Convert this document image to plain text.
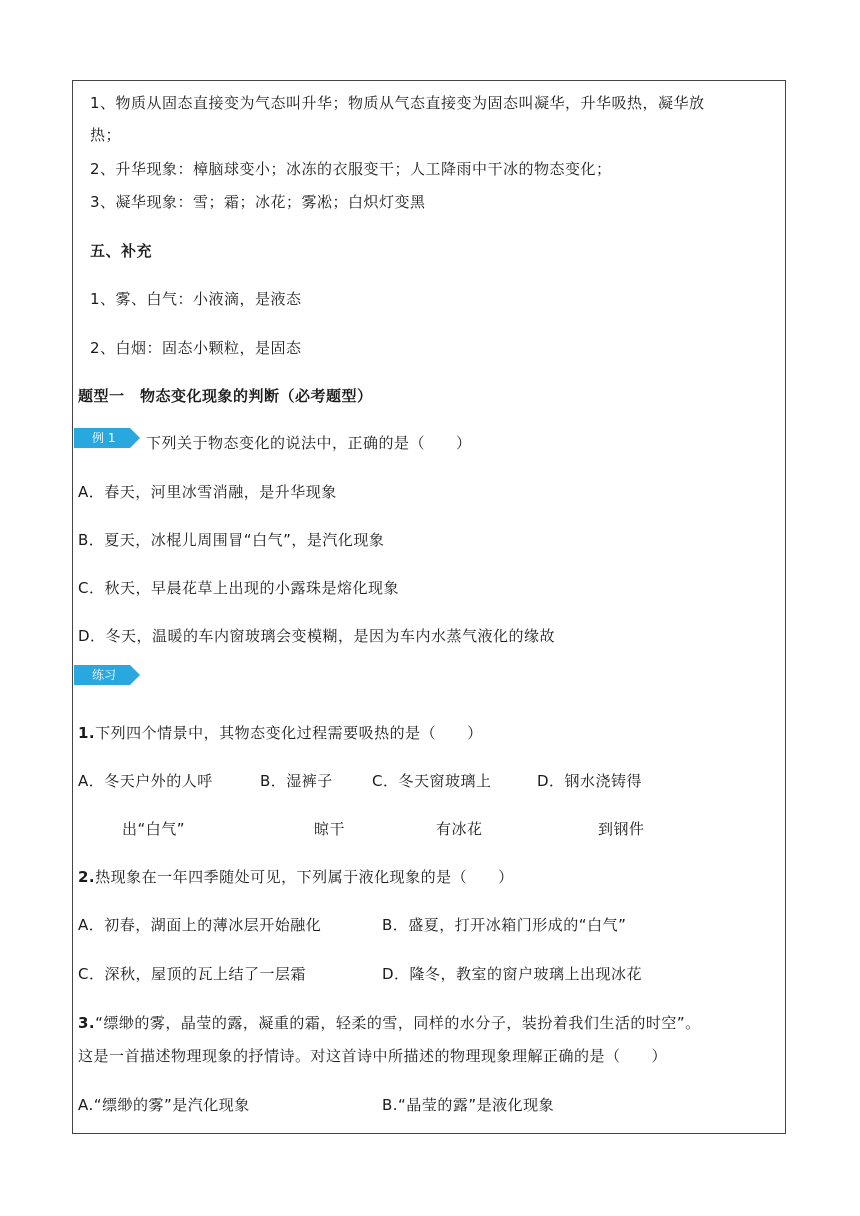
1、物质从固态直接变为气态叫升华；物质从气态直接变为固态叫凝华，升华吸热，凝华放
热；
2、升华现象：樟脑球变小；冰冻的衣服变干；人工降雨中干冰的物态变化；
3、凝华现象：雪；霜；冰花；雾凇；白炽灯变黑
五、补充
1、雾、白气：小液滴，是液态
2、白烟：固态小颗粒，是固态
题型一　物态变化现象的判断（必考题型）
例 1	下列关于物态变化的说法中，正确的是（　　）
A．春天，河里冰雪消融，是升华现象
B．夏天，冰棍儿周围冒“白气”，是汽化现象
C．秋天，早晨花草上出现的小露珠是熔化现象
D．冬天，温暖的车内窗玻璃会变模糊，是因为车内水蒸气液化的缘故
练习
1.下列四个情景中，其物态变化过程需要吸热的是（　　）
A．冬天户外的人呼	B．湿裤子	C．冬天窗玻璃上	D．钢水浇铸得
出“白气”	晾干	有冰花	到钢件
2.热现象在一年四季随处可见，下列属于液化现象的是（　　）
A．初春，湖面上的薄冰层开始融化	B．盛夏，打开冰箱门形成的“白气”
C．深秋，屋顶的瓦上结了一层霜	D．隆冬，教室的窗户玻璃上出现冰花
3.“缥缈的雾，晶莹的露，凝重的霜，轻柔的雪，同样的水分子，装扮着我们生活的时空”。
这是一首描述物理现象的抒情诗。对这首诗中所描述的物理现象理解正确的是（　　）
A.“缥缈的雾”是汽化现象	B.“晶莹的露”是液化现象
